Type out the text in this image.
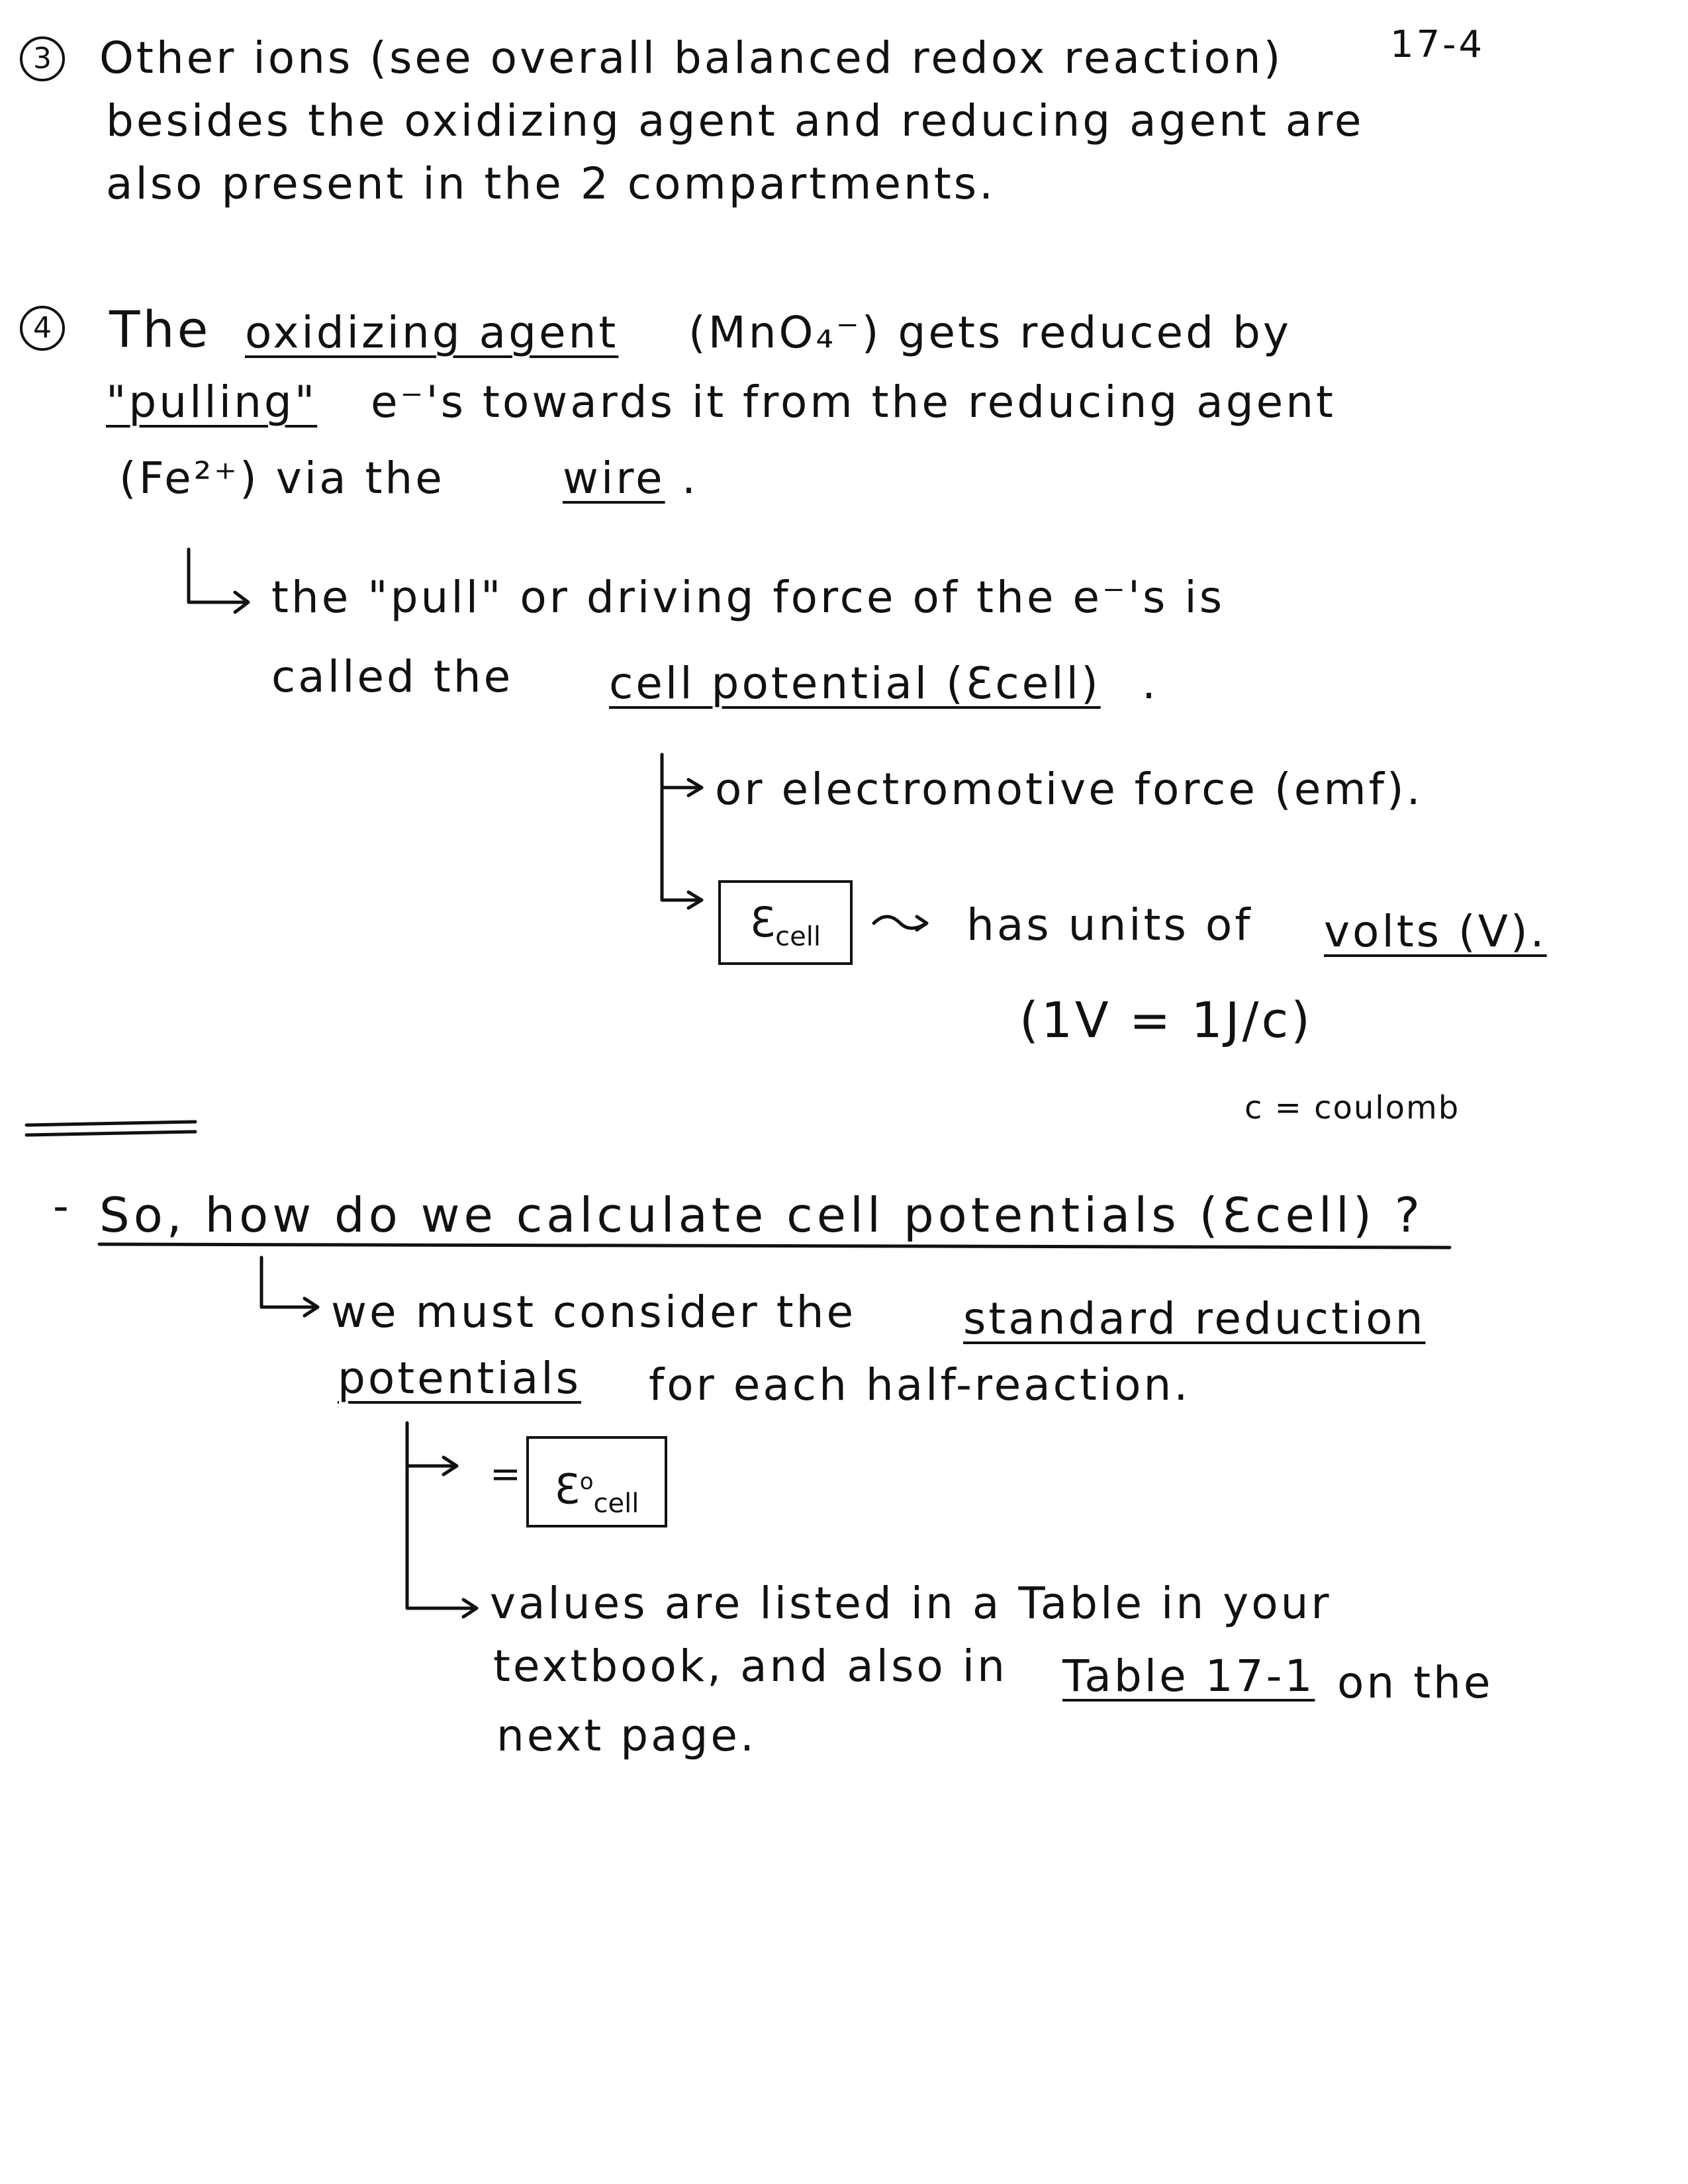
17-4
3	Other ions (see overall balanced redox reaction)
besides the oxidizing agent and reducing agent are
also present in the 2 compartments.
4 The oxidizing agent (MnO₄⁻) gets reduced by
"pulling" e⁻'s towards it from the reducing agent
(Fe²⁺) via the	wire .
the "pull" or driving force of the e⁻'s is
called the cell potential (Ɛcell) .
or electromotive force (emf).
$Ɛ_{cell}$	has units of volts (V).
(1V = 1J/c)
c = coulomb
- So, how do we calculate cell potentials (Ɛcell) ?
we must consider the standard reduction
potentials for each half-reaction.
= $Ɛ^o_{cell}$
values are listed in a Table in your
textbook, and also in Table 17-1 on the
next page.
